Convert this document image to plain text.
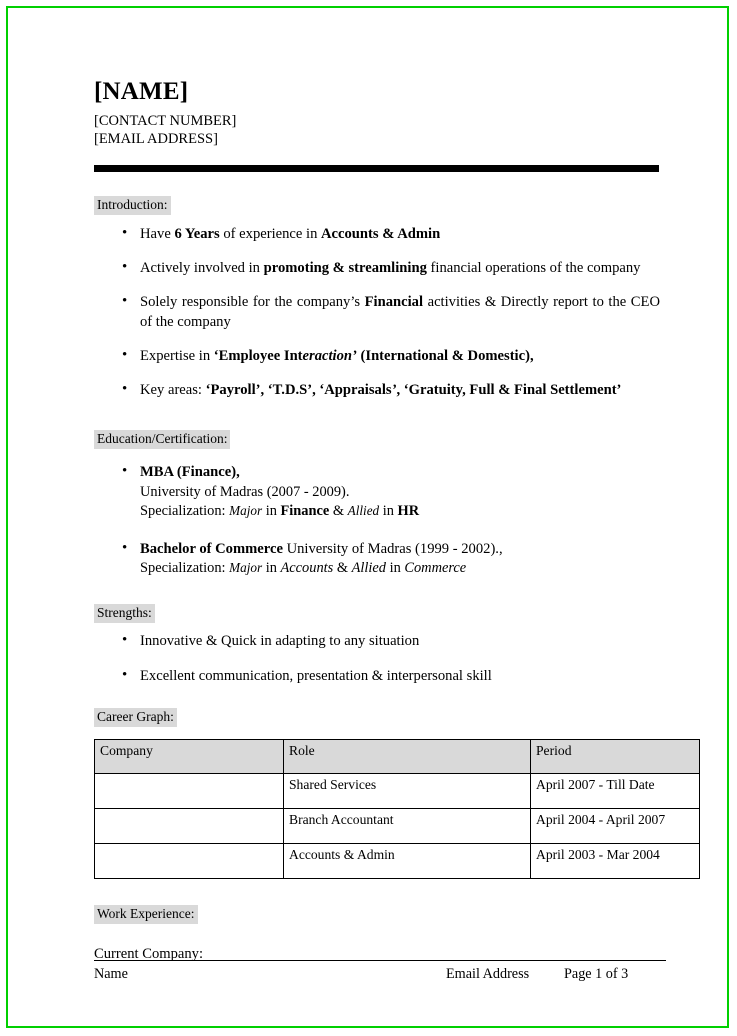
[NAME]
[CONTACT NUMBER]
[EMAIL ADDRESS]
Introduction:
• Have 6 Years of experience in Accounts & Admin
• Actively involved in promoting & streamlining financial operations of the company
• Solely responsible for the company’s Financial activities & Directly report to the CEO of the company
• Expertise in ‘Employee Interaction’ (International & Domestic),
• Key areas: ‘Payroll’, ‘T.D.S’, ‘Appraisals’, ‘Gratuity, Full & Final Settlement’
Education/Certification:
• MBA (Finance),
University of Madras (2007 - 2009).
Specialization: Major in Finance & Allied in HR
• Bachelor of Commerce University of Madras (1999 - 2002).,
Specialization: Major in Accounts & Allied in Commerce
Strengths:
• Innovative & Quick in adapting to any situation
• Excellent communication, presentation & interpersonal skill
Career Graph:
Company	Role	Period
	Shared Services	April 2007 - Till Date
	Branch Accountant	April 2004 - April 2007
	Accounts & Admin	April 2003 - Mar 2004
Work Experience:
Current Company:
Name	Email Address	Page 1 of 3
